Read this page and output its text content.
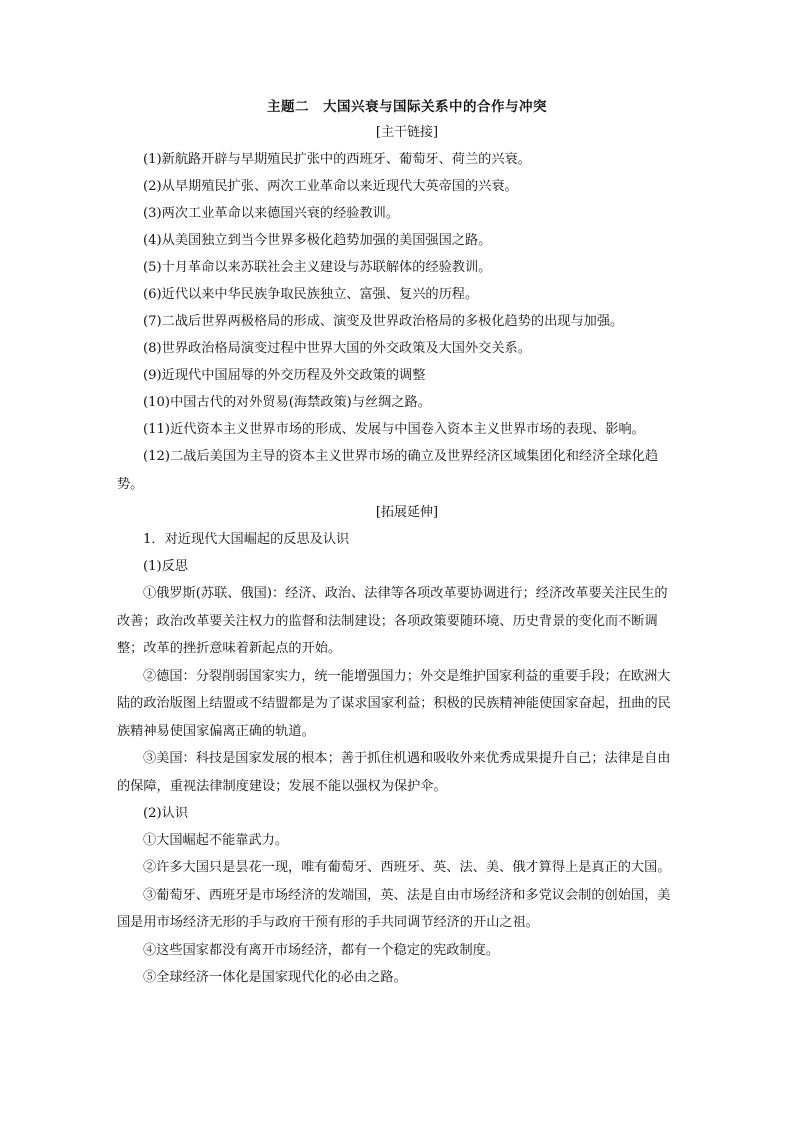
主题二　大国兴衰与国际关系中的合作与冲突
[主干链接]

(1)新航路开辟与早期殖民扩张中的西班牙、葡萄牙、荷兰的兴衰。

(2)从早期殖民扩张、两次工业革命以来近现代大英帝国的兴衰。

(3)两次工业革命以来德国兴衰的经验教训。

(4)从美国独立到当今世界多极化趋势加强的美国强国之路。

(5)十月革命以来苏联社会主义建设与苏联解体的经验教训。

(6)近代以来中华民族争取民族独立、富强、复兴的历程。

(7)二战后世界两极格局的形成、演变及世界政治格局的多极化趋势的出现与加强。

(8)世界政治格局演变过程中世界大国的外交政策及大国外交关系。

(9)近现代中国屈辱的外交历程及外交政策的调整

(10)中国古代的对外贸易(海禁政策)与丝绸之路。

(11)近代资本主义世界市场的形成、发展与中国卷入资本主义世界市场的表现、影响。

(12)二战后美国为主导的资本主义世界市场的确立及世界经济区域集团化和经济全球化趋势。

[拓展延伸]

1．对近现代大国崛起的反思及认识

(1)反思

①俄罗斯(苏联、俄国)：经济、政治、法律等各项改革要协调进行；经济改革要关注民生的改善；政治改革要关注权力的监督和法制建设；各项政策要随环境、历史背景的变化而不断调整；改革的挫折意味着新起点的开始。

②德国：分裂削弱国家实力，统一能增强国力；外交是维护国家利益的重要手段；在欧洲大陆的政治版图上结盟或不结盟都是为了谋求国家利益；积极的民族精神能使国家奋起，扭曲的民族精神易使国家偏离正确的轨道。

③美国：科技是国家发展的根本；善于抓住机遇和吸收外来优秀成果提升自己；法律是自由的保障，重视法律制度建设；发展不能以强权为保护伞。

(2)认识

①大国崛起不能靠武力。

②许多大国只是昙花一现，唯有葡萄牙、西班牙、英、法、美、俄才算得上是真正的大国。

③葡萄牙、西班牙是市场经济的发端国，英、法是自由市场经济和多党议会制的创始国，美国是用市场经济无形的手与政府干预有形的手共同调节经济的开山之祖。

④这些国家都没有离开市场经济，都有一个稳定的宪政制度。

⑤全球经济一体化是国家现代化的必由之路。
